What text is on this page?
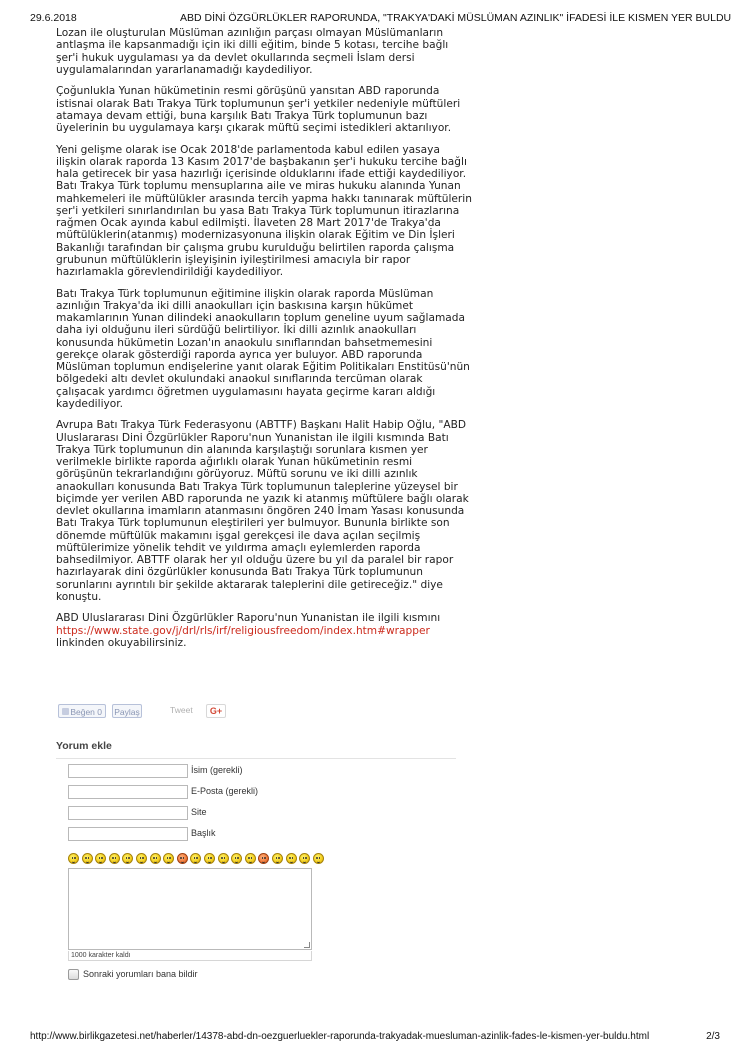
29.6.2018	ABD DİNİ ÖZGÜRLÜKLER RAPORUNDA, "TRAKYA'DAKİ MÜSLÜMAN AZINLIK" İFADESİ İLE KISMEN YER BULDU

Lozan ile oluşturulan Müslüman azınlığın parçası olmayan Müslümanların antlaşma ile kapsanmadığı için iki dilli eğitim, binde 5 kotası, tercihe bağlı şer'i hukuk uygulaması ya da devlet okullarında seçmeli İslam dersi uygulamalarından yararlanamadığı kaydediliyor.

Çoğunlukla Yunan hükümetinin resmi görüşünü yansıtan ABD raporunda istisnai olarak Batı Trakya Türk toplumunun şer'i yetkiler nedeniyle müftüleri atamaya devam ettiği, buna karşılık Batı Trakya Türk toplumunun bazı üyelerinin bu uygulamaya karşı çıkarak müftü seçimi istedikleri aktarılıyor.

Yeni gelişme olarak ise Ocak 2018'de parlamentoda kabul edilen yasaya ilişkin olarak raporda 13 Kasım 2017'de başbakanın şer'i hukuku tercihe bağlı hala getirecek bir yasa hazırlığı içerisinde olduklarını ifade ettiği kaydediliyor. Batı Trakya Türk toplumu mensuplarına aile ve miras hukuku alanında Yunan mahkemeleri ile müftülükler arasında tercih yapma hakkı tanınarak müftülerin şer'i yetkileri sınırlandırılan bu yasa Batı Trakya Türk toplumunun itirazlarına rağmen Ocak ayında kabul edilmişti. İlaveten 28 Mart 2017'de Trakya'da müftülüklerin(atanmış) modernizasyonuna ilişkin olarak Eğitim ve Din İşleri Bakanlığı tarafından bir çalışma grubu kurulduğu belirtilen raporda çalışma grubunun müftülüklerin işleyişinin iyileştirilmesi amacıyla bir rapor hazırlamakla görevlendirildiği kaydediliyor.

Batı Trakya Türk toplumunun eğitimine ilişkin olarak raporda Müslüman azınlığın Trakya'da iki dilli anaokulları için baskısına karşın hükümet makamlarının Yunan dilindeki anaokulların toplum geneline uyum sağlamada daha iyi olduğunu ileri sürdüğü belirtiliyor. İki dilli azınlık anaokulları konusunda hükümetin Lozan'ın anaokulu sınıflarından bahsetmemesini gerekçe olarak gösterdiği raporda ayrıca yer buluyor. ABD raporunda Müslüman toplumun endişelerine yanıt olarak Eğitim Politikaları Enstitüsü'nün bölgedeki altı devlet okulundaki anaokul sınıflarında tercüman olarak çalışacak yardımcı öğretmen uygulamasını hayata geçirme kararı aldığı kaydediliyor.

Avrupa Batı Trakya Türk Federasyonu (ABTTF) Başkanı Halit Habip Oğlu, "ABD Uluslararası Dini Özgürlükler Raporu'nun Yunanistan ile ilgili kısmında Batı Trakya Türk toplumunun din alanında karşılaştığı sorunlara kısmen yer verilmekle birlikte raporda ağırlıklı olarak Yunan hükümetinin resmi görüşünün tekrarlandığını görüyoruz. Müftü sorunu ve iki dilli azınlık anaokulları konusunda Batı Trakya Türk toplumunun taleplerine yüzeysel bir biçimde yer verilen ABD raporunda ne yazık ki atanmış müftülere bağlı olarak devlet okullarına imamların atanmasını öngören 240 İmam Yasası konusunda Batı Trakya Türk toplumunun eleştirileri yer bulmuyor. Bununla birlikte son dönemde müftülük makamını işgal gerekçesi ile dava açılan seçilmiş müftülerimize yönelik tehdit ve yıldırma amaçlı eylemlerden raporda bahsedilmiyor. ABTTF olarak her yıl olduğu üzere bu yıl da paralel bir rapor hazırlayarak dini özgürlükler konusunda Batı Trakya Türk toplumunun sorunlarını ayrıntılı bir şekilde aktararak taleplerini dile getireceğiz." diye konuştu.

ABD Uluslararası Dini Özgürlükler Raporu'nun Yunanistan ile ilgili kısmını
https://www.state.gov/j/drl/rls/irf/religiousfreedom/index.htm#wrapper
linkinden okuyabilirsiniz.

Beğen 0	Paylaş	Tweet	G+
Yorum ekle
İsim (gerekli)
E-Posta (gerekli)
Site
Başlık
1000 karakter kaldı
Sonraki yorumları bana bildir
http://www.birlikgazetesi.net/haberler/14378-abd-dn-oezguerluekler-raporunda-trakyadak-muesluman-azinlik-fades-le-kismen-yer-buldu.html	2/3
